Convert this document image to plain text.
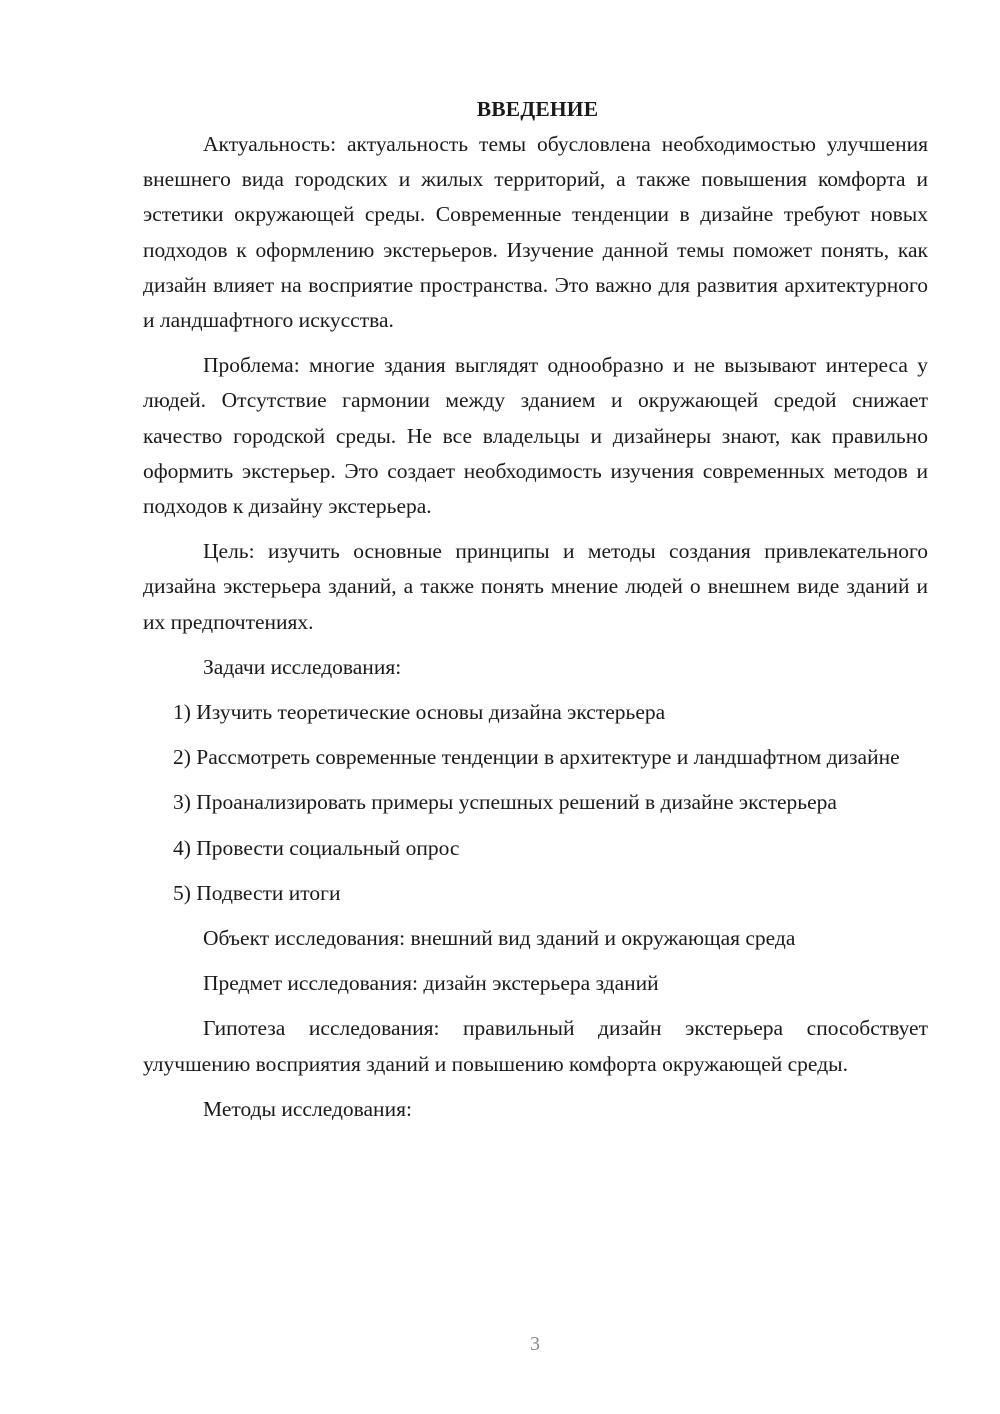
ВВЕДЕНИЕ

Актуальность: актуальность темы обусловлена необходимостью улучшения внешнего вида городских и жилых территорий, а также повышения комфорта и эстетики окружающей среды. Современные тенденции в дизайне требуют новых подходов к оформлению экстерьеров. Изучение данной темы поможет понять, как дизайн влияет на восприятие пространства. Это важно для развития архитектурного и ландшафтного искусства.

Проблема: многие здания выглядят однообразно и не вызывают интереса у людей. Отсутствие гармонии между зданием и окружающей средой снижает качество городской среды. Не все владельцы и дизайнеры знают, как правильно оформить экстерьер. Это создает необходимость изучения современных методов и подходов к дизайну экстерьера.

Цель: изучить основные принципы и методы создания привлекательного дизайна экстерьера зданий, а также понять мнение людей о внешнем виде зданий и их предпочтениях.

Задачи исследования:

1) Изучить теоретические основы дизайна экстерьера

2) Рассмотреть современные тенденции в архитектуре и ландшафтном дизайне

3) Проанализировать примеры успешных решений в дизайне экстерьера

4) Провести социальный опрос

5) Подвести итоги

Объект исследования: внешний вид зданий и окружающая среда

Предмет исследования: дизайн экстерьера зданий

Гипотеза исследования: правильный дизайн экстерьера способствует улучшению восприятия зданий и повышению комфорта окружающей среды.

Методы исследования:

3
